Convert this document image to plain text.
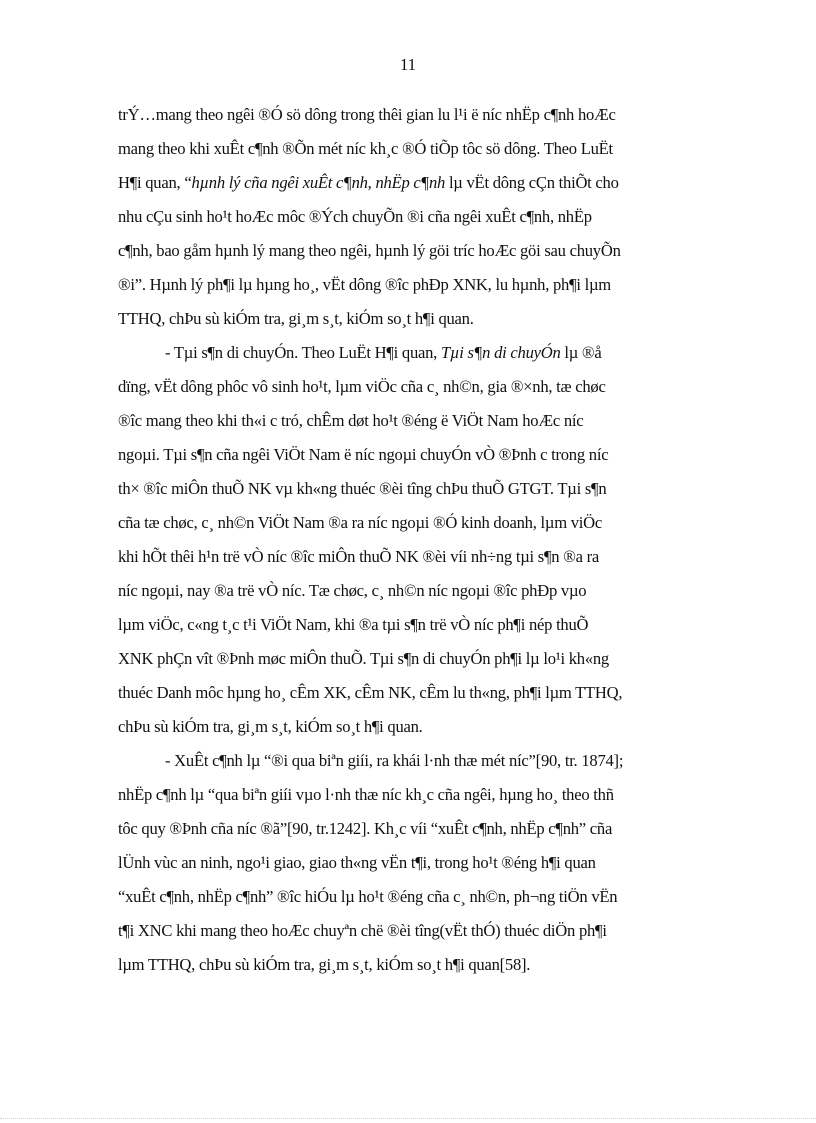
11
trÝ…mang theo ngêi ®Ó sö dông trong thêi gian lu l¹i ë níc nhËp c¶nh hoÆc
mang theo khi xuÊt c¶nh ®Õn mét níc kh¸c ®Ó tiÕp tôc sö dông. Theo LuËt
H¶i quan, “hµnh lý cña ngêi xuÊt c¶nh, nhËp c¶nh lµ vËt dông cÇn thiÕt cho
nhu cÇu sinh ho¹t hoÆc môc ®Ých chuyÕn ®i cña ngêi xuÊt c¶nh, nhËp
c¶nh, bao gåm hµnh lý mang theo ngêi, hµnh lý göi tríc hoÆc göi sau chuyÕn
®i”. Hµnh lý ph¶i lµ hµng ho¸, vËt dông ®îc phÐp XNK, lu hµnh, ph¶i lµm
TTHQ, chÞu sù kiÓm tra, gi¸m s¸t, kiÓm so¸t h¶i quan.
- Tµi s¶n di chuyÓn. Theo LuËt H¶i quan, Tµi s¶n di chuyÓn lµ ®å
dïng, vËt dông phôc vô sinh ho¹t, lµm viÖc cña c¸ nh©n, gia ®×nh, tæ chøc
®îc mang theo khi th«i c tró, chÊm døt ho¹t ®éng ë ViÖt Nam hoÆc níc
ngoµi. Tµi s¶n cña ngêi ViÖt Nam ë níc ngoµi chuyÓn vÒ ®Þnh c trong níc
th× ®îc miÔn thuÕ NK vµ kh«ng thuéc ®èi tîng chÞu thuÕ GTGT. Tµi s¶n
cña tæ chøc, c¸ nh©n ViÖt Nam ®a ra níc ngoµi ®Ó kinh doanh, lµm viÖc
khi hÕt thêi h¹n trë vÒ níc ®îc miÔn thuÕ NK ®èi víi nh÷ng tµi s¶n ®a ra
níc ngoµi, nay ®a trë vÒ níc. Tæ chøc, c¸ nh©n níc ngoµi ®îc phÐp vµo
lµm viÖc, c«ng t¸c t¹i ViÖt Nam, khi ®a tµi s¶n trë vÒ níc ph¶i nép thuÕ
XNK phÇn vît ®Þnh møc miÔn thuÕ. Tµi s¶n di chuyÓn ph¶i lµ lo¹i kh«ng
thuéc Danh môc hµng ho¸ cÊm XK, cÊm NK, cÊm lu th«ng, ph¶i lµm TTHQ,
chÞu sù kiÓm tra, gi¸m s¸t, kiÓm so¸t h¶i quan.
- XuÊt c¶nh lµ “®i qua biªn giíi, ra khái l·nh thæ mét níc”[90, tr. 1874];
nhËp c¶nh lµ “qua biªn giíi vµo l·nh thæ níc kh¸c cña ngêi, hµng ho¸ theo thñ
tôc quy ®Þnh cña níc ®ã”[90, tr.1242]. Kh¸c víi “xuÊt c¶nh, nhËp c¶nh” cña
lÜnh vùc an ninh, ngo¹i giao, giao th«ng vËn t¶i, trong ho¹t ®éng h¶i quan
“xuÊt c¶nh, nhËp c¶nh” ®îc hiÓu lµ ho¹t ®éng cña c¸ nh©n, ph¬ng tiÖn vËn
t¶i XNC khi mang theo hoÆc chuyªn chë ®èi tîng(vËt thÓ) thuéc diÖn ph¶i
lµm TTHQ, chÞu sù kiÓm tra, gi¸m s¸t, kiÓm so¸t h¶i quan[58].
